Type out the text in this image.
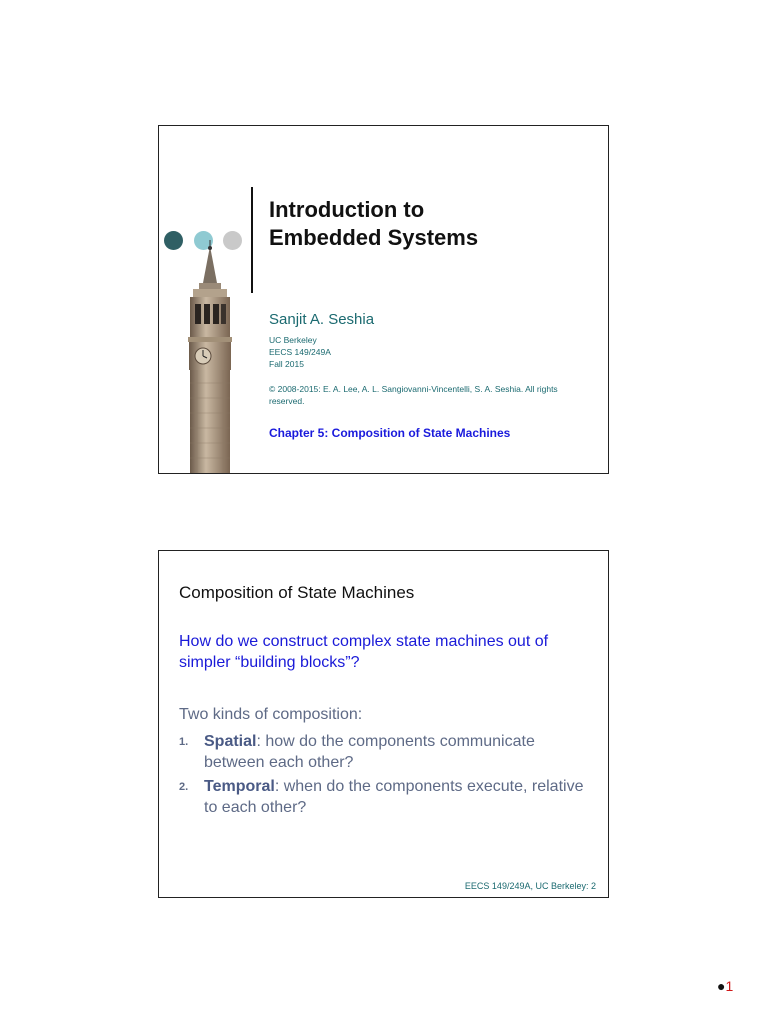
Introduction to
Embedded Systems
Sanjit A. Seshia
UC Berkeley
EECS 149/249A
Fall 2015
© 2008-2015: E. A. Lee, A. L. Sangiovanni-Vincentelli, S. A. Seshia. All rights reserved.
Chapter 5: Composition of State Machines
Composition of State Machines
How do we construct complex state machines out of simpler “building blocks”?
Two kinds of composition:
1. Spatial: how do the components communicate between each other?
2. Temporal: when do the components execute, relative to each other?
EECS 149/249A, UC Berkeley: 2
●1
